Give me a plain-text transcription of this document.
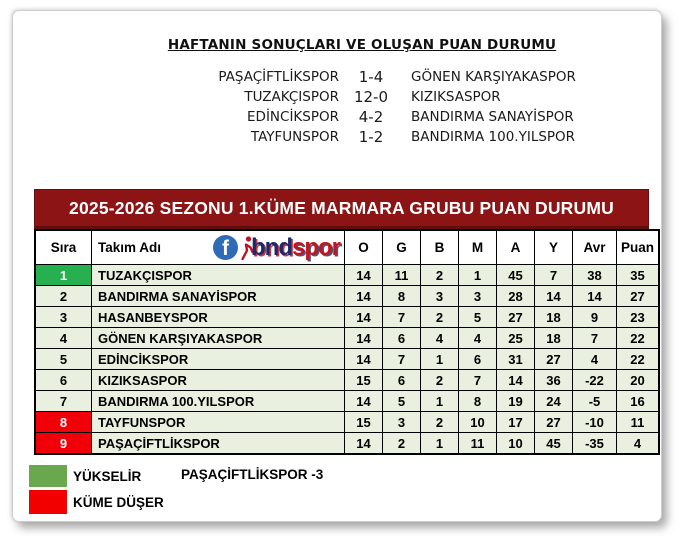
HAFTANIN SONUÇLARI VE OLUŞAN PUAN DURUMU
PAŞAÇİFTLİKSPOR	1-4	GÖNEN KARŞIYAKASPOR
TUZAKÇISPOR 12-0	KIZIKSASPOR
EDİNCİKSPOR	4-2	BANDIRMA SANAYİSPOR
TAYFUNSPOR	1-2	BANDIRMA 100.YILSPOR
2025-2026 SEZONU 1.KÜME MARMARA GRUBU PUAN DURUMU
Sıra	Takım Adı f bnd spor	O	G	B	M	A	Y	Avr	Puan
1	TUZAKÇISPOR	14	11	2	1	45	7	38	35
2	BANDIRMA SANAYİSPOR	14	8	3	3	28	14	14	27
3	HASANBEYSPOR	14	7	2	5	27	18	9	23
4	GÖNEN KARŞIYAKASPOR	14	6	4	4	25	18	7	22
5	EDİNCİKSPOR	14	7	1	6	31	27	4	22
6	KIZIKSASPOR	15	6	2	7	14	36	-22	20
7	BANDIRMA 100.YILSPOR	14	5	1	8	19	24	-5	16
8	TAYFUNSPOR	15	3	2	10	17	27	-10	11
9	PAŞAÇİFTLİKSPOR	14	2	1	11	10	45	-35	4
YÜKSELİR	PAŞAÇİFTLİKSPOR -3
KÜME DÜŞER
